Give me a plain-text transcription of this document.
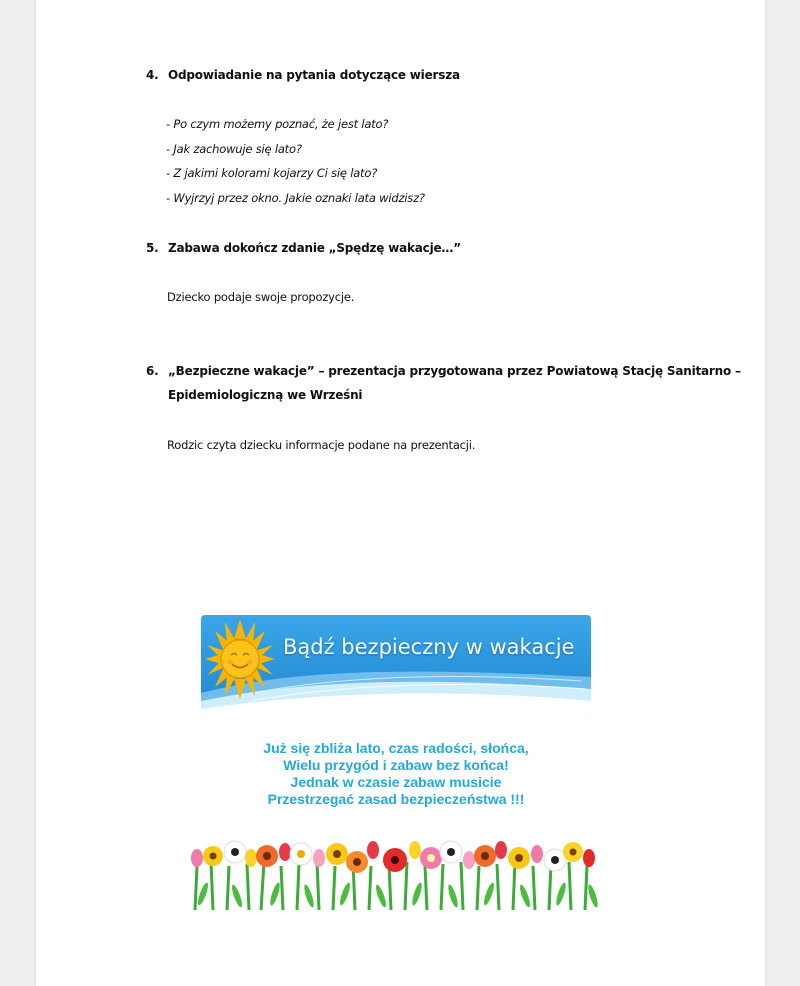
4. Odpowiadanie na pytania dotyczące wiersza
- Po czym możemy poznać, że jest lato?
- Jak zachowuje się lato?
- Z jakimi kolorami kojarzy Ci się lato?
- Wyjrzyj przez okno. Jakie oznaki lata widzisz?
5. Zabawa dokończ zdanie „Spędzę wakacje…”
Dziecko podaje swoje propozycje.
6. „Bezpieczne wakacje” – prezentacja przygotowana przez Powiatową Stację Sanitarno –
Epidemiologiczną we Wrześni
Rodzic czyta dziecku informacje podane na prezentacji.
Bądź bezpieczny w wakacje
Już się zbliża lato, czas radości, słońca,
Wielu przygód i zabaw bez końca!
Jednak w czasie zabaw musicie
Przestrzegać zasad bezpieczeństwa !!!
